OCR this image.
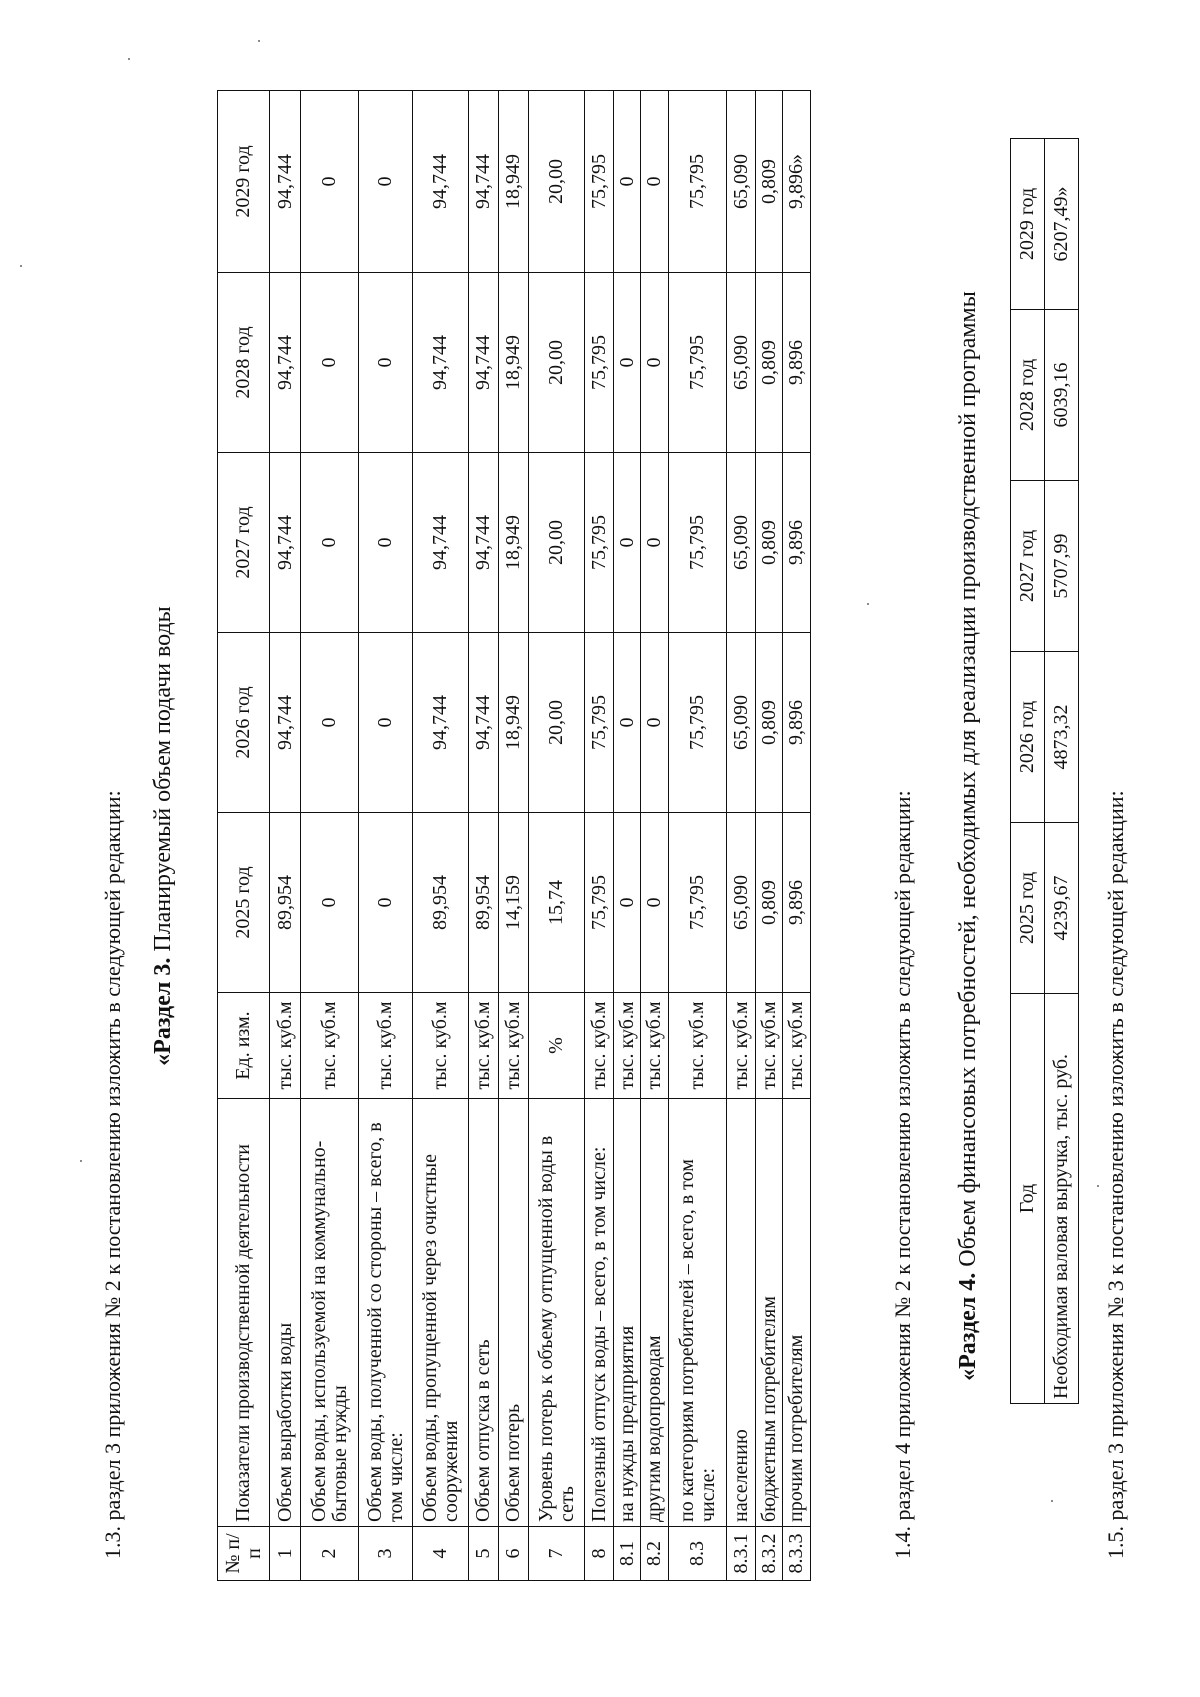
1.3. раздел 3 приложения № 2 к постановлению изложить в следующей редакции: «Раздел 3. Планируемый объем подачи воды
№ п/п	Показатели производственной деятельности	Ед. изм.	2025 год	2026 год	2027 год	2028 год	2029 год
1	Объем выработки воды	тыс. куб.м	89,954	94,744	94,744	94,744	94,744
2	Объем воды, используемой на коммунально-бытовые нужды	тыс. куб.м	0	0	0	0	0
3	Объем воды, полученной со стороны – всего, в том числе:	тыс. куб.м	0	0	0	0	0
4	Объем воды, пропущенной через очистные сооружения	тыс. куб.м	89,954	94,744	94,744	94,744	94,744
5	Объем отпуска в сеть	тыс. куб.м	89,954	94,744	94,744	94,744	94,744
6	Объем потерь	тыс. куб.м	14,159	18,949	18,949	18,949	18,949
7	Уровень потерь к объему отпущенной воды в сеть	%	15,74	20,00	20,00	20,00	20,00
8	Полезный отпуск воды – всего, в том числе:	тыс. куб.м	75,795	75,795	75,795	75,795	75,795
8.1	на нужды предприятия	тыс. куб.м	0	0	0	0	0
8.2	другим водопроводам	тыс. куб.м	0	0	0	0	0
8.3	по категориям потребителей – всего, в том числе:	тыс. куб.м	75,795	75,795	75,795	75,795	75,795
8.3.1	населению	тыс. куб.м	65,090	65,090	65,090	65,090	65,090
8.3.2	бюджетным потребителям	тыс. куб.м	0,809	0,809	0,809	0,809	0,809
8.3.3	прочим потребителям	тыс. куб.м	9,896	9,896	9,896	9,896	9,896»
1.4. раздел 4 приложения № 2 к постановлению изложить в следующей редакции: «Раздел 4. Объем финансовых потребностей, необходимых для реализации производственной программы Год	2025 год	2026 год	2027 год	2028 год	2029 год
Необходимая валовая выручка, тыс. руб.	4239,67	4873,32	5707,99	6039,16	6207,49»
1.5. раздел 3 приложения № 3 к постановлению изложить в следующей редакции:
